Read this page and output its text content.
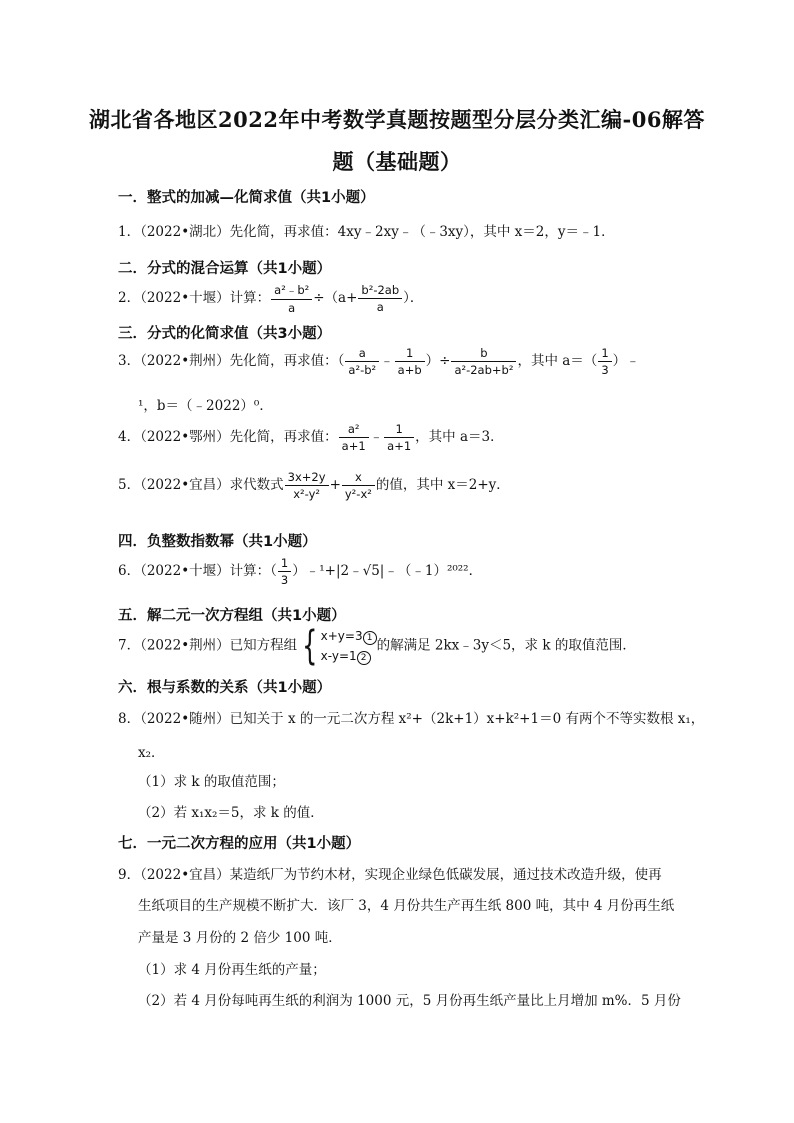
湖北省各地区2022年中考数学真题按题型分层分类汇编-06解答
题（基础题）
一．整式的加减—化简求值（共1小题）
1．（2022•湖北）先化简，再求值：4xy﹣2xy﹣（﹣3xy），其中 x＝2，y＝﹣1．
二．分式的混合运算（共1小题）
2．（2022•十堰）计算： $\frac{\text{a²﹣b²}}{a} \div(a+ \frac{\text{b²-2ab}}{a}$ ）．
三．分式的化简求值（共3小题）
3．（2022•荆州）先化简，再求值：（ $\frac{a}{\text{a²-b²}}$ ﹣ $\frac{1}{a+b}$ ）÷ $\frac{b}{\text{a²-2ab+b²}}$ ，其中 $a=( \frac{1}{3}$ ）﹣
¹，b＝（﹣2022）⁰．
4．（2022•鄂州）先化简，再求值： $\frac{\text{a²}}{a+1}$ ﹣ $\frac{1}{a+1}$ ，其中 a＝3．
5．（2022•宜昌）求代数式 $\frac{3x+2y}{\text{x²-y²}} + \frac{x}{\text{y²-x²}}$ 的值，其中 x＝2+y．
四．负整数指数幂（共1小题）
6．（2022•十堰）计算：（ $\frac{1}{3}$ ）﹣¹+|2﹣√5|﹣（﹣1）²⁰²²．
五．解二元一次方程组（共1小题）
7．（2022•荆州）已知方程组 { x+y=3 1
x-y=1 2
的解满足 2kx﹣3y＜5，求 k 的取值范围．
六．根与系数的关系（共1小题）
8．（2022•随州）已知关于 x 的一元二次方程 x²+（2k+1）x+k²+1＝0 有两个不等实数根 x₁，
x₂．
（1）求 k 的取值范围；
（2）若 x₁x₂＝5，求 k 的值．
七．一元二次方程的应用（共1小题）
9．（2022•宜昌）某造纸厂为节约木材，实现企业绿色低碳发展，通过技术改造升级，使再
生纸项目的生产规模不断扩大．该厂 3，4 月份共生产再生纸 800 吨，其中 4 月份再生纸
产量是 3 月份的 2 倍少 100 吨．
（1）求 4 月份再生纸的产量；
（2）若 4 月份每吨再生纸的利润为 1000 元，5 月份再生纸产量比上月增加 m%．5 月份
